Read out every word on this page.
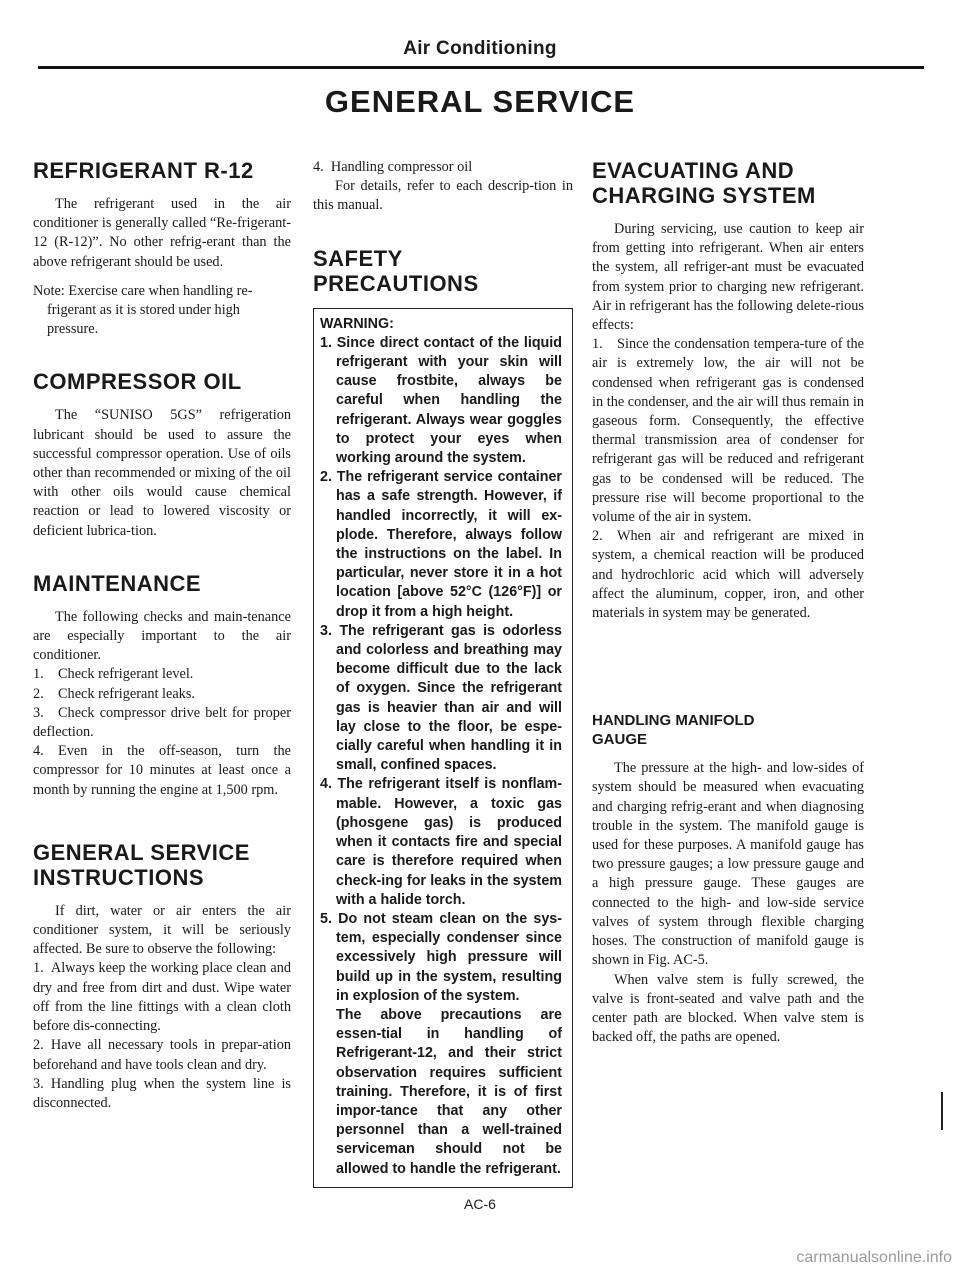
Air Conditioning
GENERAL SERVICE
REFRIGERANT R-12

The refrigerant used in the air conditioner is generally called “Re-frigerant-12 (R-12)”. No other refrig-erant than the above refrigerant should be used.

Note: Exercise care when handling re-frigerant as it is stored under high pressure.

COMPRESSOR OIL

The “SUNISO 5GS” refrigeration lubricant should be used to assure the successful compressor operation. Use of oils other than recommended or mixing of the oil with other oils would cause chemical reaction or lead to lowered viscosity or deficient lubrica-tion.

MAINTENANCE

The following checks and main-tenance are especially important to the air conditioner.

1. Check refrigerant level.

2. Check refrigerant leaks.

3. Check compressor drive belt for proper deflection.

4. Even in the off-season, turn the compressor for 10 minutes at least once a month by running the engine at 1,500 rpm.

GENERAL SERVICE
INSTRUCTIONS

If dirt, water or air enters the air conditioner system, it will be seriously affected. Be sure to observe the following:

1. Always keep the working place clean and dry and free from dirt and dust. Wipe water off from the line fittings with a clean cloth before dis-connecting.

2. Have all necessary tools in prepar-ation beforehand and have tools clean and dry.

3. Handling plug when the system line is disconnected.

4. Handling compressor oil

For details, refer to each descrip-tion in this manual.

SAFETY
PRECAUTIONS

WARNING:

1. Since direct contact of the liquid refrigerant with your skin will cause frostbite, always be careful when handling the refrigerant. Always wear goggles to protect your eyes when working around the system.

2. The refrigerant service container has a safe strength. However, if handled incorrectly, it will ex-plode. Therefore, always follow the instructions on the label. In particular, never store it in a hot location [above 52°C (126°F)] or drop it from a high height.

3. The refrigerant gas is odorless and colorless and breathing may become difficult due to the lack of oxygen. Since the refrigerant gas is heavier than air and will lay close to the floor, be espe-cially careful when handling it in small, confined spaces.

4. The refrigerant itself is nonflam-mable. However, a toxic gas (phosgene gas) is produced when it contacts fire and special care is therefore required when check-ing for leaks in the system with a halide torch.

5. Do not steam clean on the sys-tem, especially condenser since excessively high pressure will build up in the system, resulting in explosion of the system.

The above precautions are essen-tial in handling of Refrigerant-12, and their strict observation requires sufficient training. Therefore, it is of first impor-tance that any other personnel than a well-trained serviceman should not be allowed to handle the refrigerant.

EVACUATING AND
CHARGING SYSTEM

During servicing, use caution to keep air from getting into refrigerant. When air enters the system, all refriger-ant must be evacuated from system prior to charging new refrigerant. Air in refrigerant has the following delete-rious effects:

1. Since the condensation tempera-ture of the air is extremely low, the air will not be condensed when refrigerant gas is condensed in the condenser, and the air will thus remain in gaseous form. Consequently, the effective thermal transmission area of condenser for refrigerant gas will be reduced and refrigerant gas to be condensed will be reduced. The pressure rise will become proportional to the volume of the air in system.

2. When air and refrigerant are mixed in system, a chemical reaction will be produced and hydrochloric acid which will adversely affect the aluminum, copper, iron, and other materials in system may be generated.

HANDLING MANIFOLD
GAUGE

The pressure at the high- and low-sides of system should be measured when evacuating and charging refrig-erant and when diagnosing trouble in the system. The manifold gauge is used for these purposes. A manifold gauge has two pressure gauges; a low pressure gauge and a high pressure gauge. These gauges are connected to the high- and low-side service valves of system through flexible charging hoses. The construction of manifold gauge is shown in Fig. AC-5.

When valve stem is fully screwed, the valve is front-seated and valve path and the center path are blocked. When valve stem is backed off, the paths are opened.

AC-6
carmanualsonline.info
